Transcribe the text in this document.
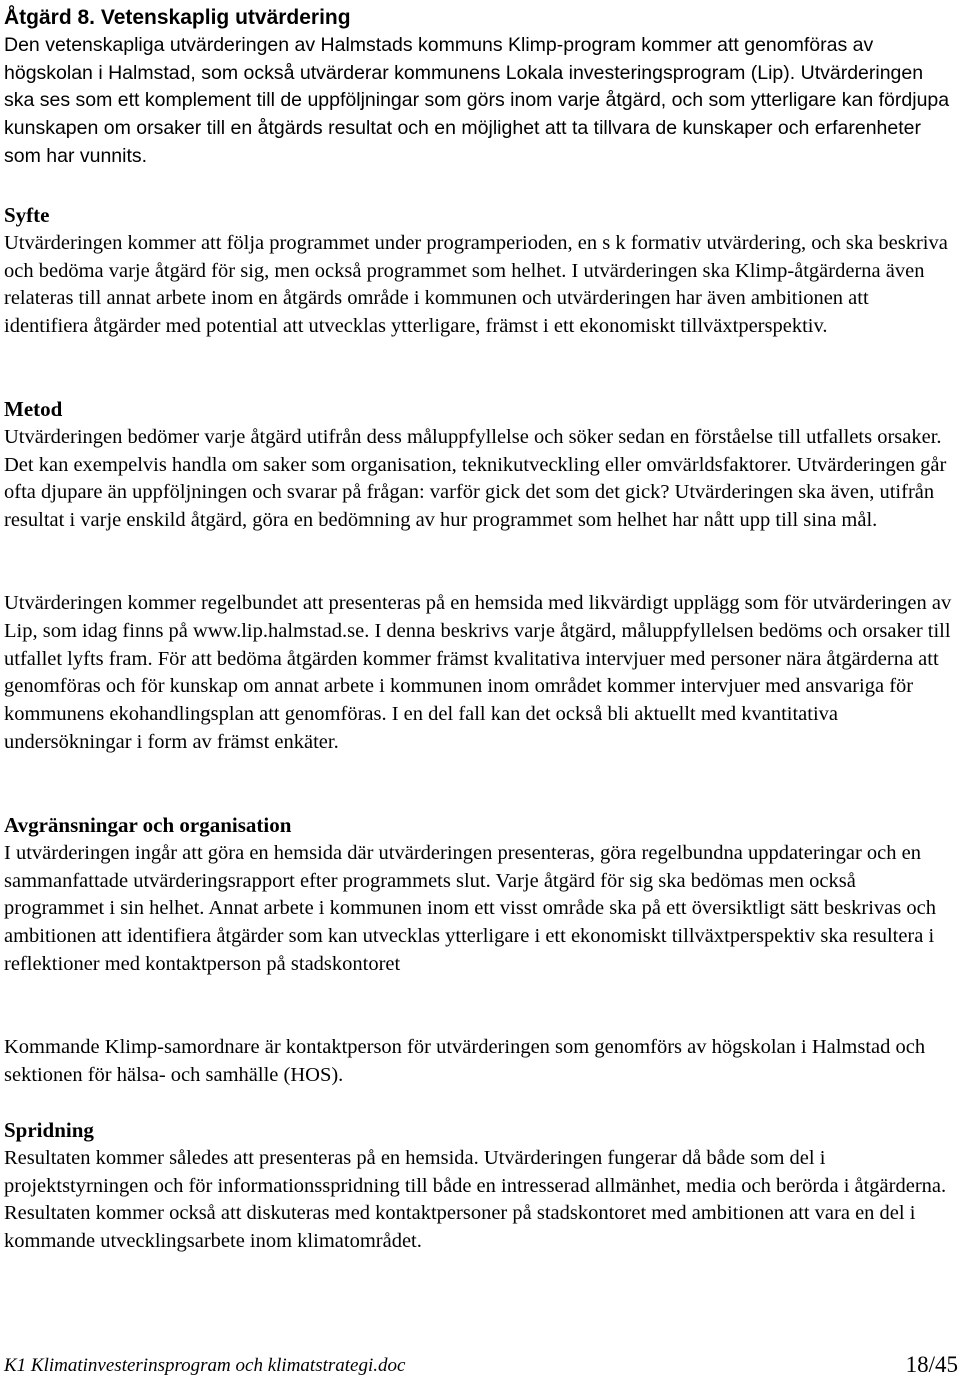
Åtgärd 8. Vetenskaplig utvärdering
Den vetenskapliga utvärderingen av Halmstads kommuns Klimp-program kommer att genomföras av högskolan i Halmstad, som också utvärderar kommunens Lokala investeringsprogram (Lip). Utvärderingen ska ses som ett komplement till de uppföljningar som görs inom varje åtgärd, och som ytterligare kan fördjupa kunskapen om orsaker till en åtgärds resultat och en möjlighet att ta tillvara de kunskaper och erfarenheter som har vunnits.
Syfte
Utvärderingen kommer att följa programmet under programperioden, en s k formativ utvärdering, och ska beskriva och bedöma varje åtgärd för sig, men också programmet som helhet. I utvärderingen ska Klimp-åtgärderna även relateras till annat arbete inom en åtgärds område i kommunen och utvärderingen har även ambitionen att identifiera åtgärder med potential att utvecklas ytterligare, främst i ett ekonomiskt tillväxtperspektiv.
Metod
Utvärderingen bedömer varje åtgärd utifrån dess måluppfyllelse och söker sedan en förståelse till utfallets orsaker. Det kan exempelvis handla om saker som organisation, teknikutveckling eller omvärldsfaktorer. Utvärderingen går ofta djupare än uppföljningen och svarar på frågan: varför gick det som det gick? Utvärderingen ska även, utifrån resultat i varje enskild åtgärd, göra en bedömning av hur programmet som helhet har nått upp till sina mål.
Utvärderingen kommer regelbundet att presenteras på en hemsida med likvärdigt upplägg som för utvärderingen av Lip, som idag finns på www.lip.halmstad.se. I denna beskrivs varje åtgärd, måluppfyllelsen bedöms och orsaker till utfallet lyfts fram. För att bedöma åtgärden kommer främst kvalitativa intervjuer med personer nära åtgärderna att genomföras och för kunskap om annat arbete i kommunen inom området kommer intervjuer med ansvariga för kommunens ekohandlingsplan att genomföras. I en del fall kan det också bli aktuellt med kvantitativa undersökningar i form av främst enkäter.
Avgränsningar och organisation
I utvärderingen ingår att göra en hemsida där utvärderingen presenteras, göra regelbundna uppdateringar och en sammanfattade utvärderingsrapport efter programmets slut. Varje åtgärd för sig ska bedömas men också programmet i sin helhet. Annat arbete i kommunen inom ett visst område ska på ett översiktligt sätt beskrivas och ambitionen att identifiera åtgärder som kan utvecklas ytterligare i ett ekonomiskt tillväxtperspektiv ska resultera i reflektioner med kontaktperson på stadskontoret
Kommande Klimp-samordnare är kontaktperson för utvärderingen som genomförs av högskolan i Halmstad och sektionen för hälsa- och samhälle (HOS).
Spridning
Resultaten kommer således att presenteras på en hemsida. Utvärderingen fungerar då både som del i projektstyrningen och för informationsspridning till både en intresserad allmänhet, media och berörda i åtgärderna. Resultaten kommer också att diskuteras med kontaktpersoner på stadskontoret med ambitionen att vara en del i kommande utvecklingsarbete inom klimatområdet.
K1 Klimatinvesterinsprogram och klimatstrategi.doc	18/45
